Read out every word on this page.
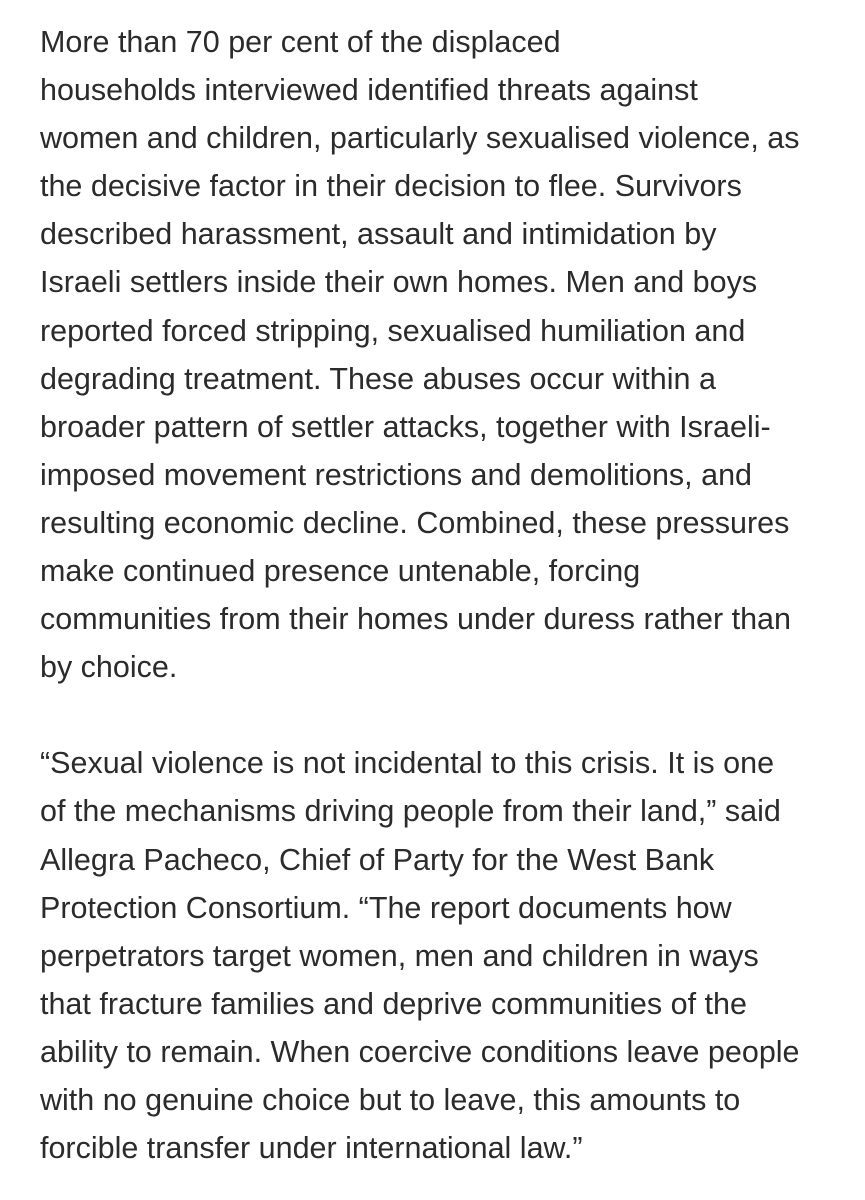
More than 70 per cent of the displaced
households interviewed identified threats against
women and children, particularly sexualised violence, as
the decisive factor in their decision to flee. Survivors
described harassment, assault and intimidation by
Israeli settlers inside their own homes. Men and boys
reported forced stripping, sexualised humiliation and
degrading treatment. These abuses occur within a
broader pattern of settler attacks, together with Israeli-
imposed movement restrictions and demolitions, and
resulting economic decline. Combined, these pressures
make continued presence untenable, forcing
communities from their homes under duress rather than
by choice.

“Sexual violence is not incidental to this crisis. It is one
of the mechanisms driving people from their land,” said
Allegra Pacheco, Chief of Party for the West Bank
Protection Consortium. “The report documents how
perpetrators target women, men and children in ways
that fracture families and deprive communities of the
ability to remain. When coercive conditions leave people
with no genuine choice but to leave, this amounts to
forcible transfer under international law.”
